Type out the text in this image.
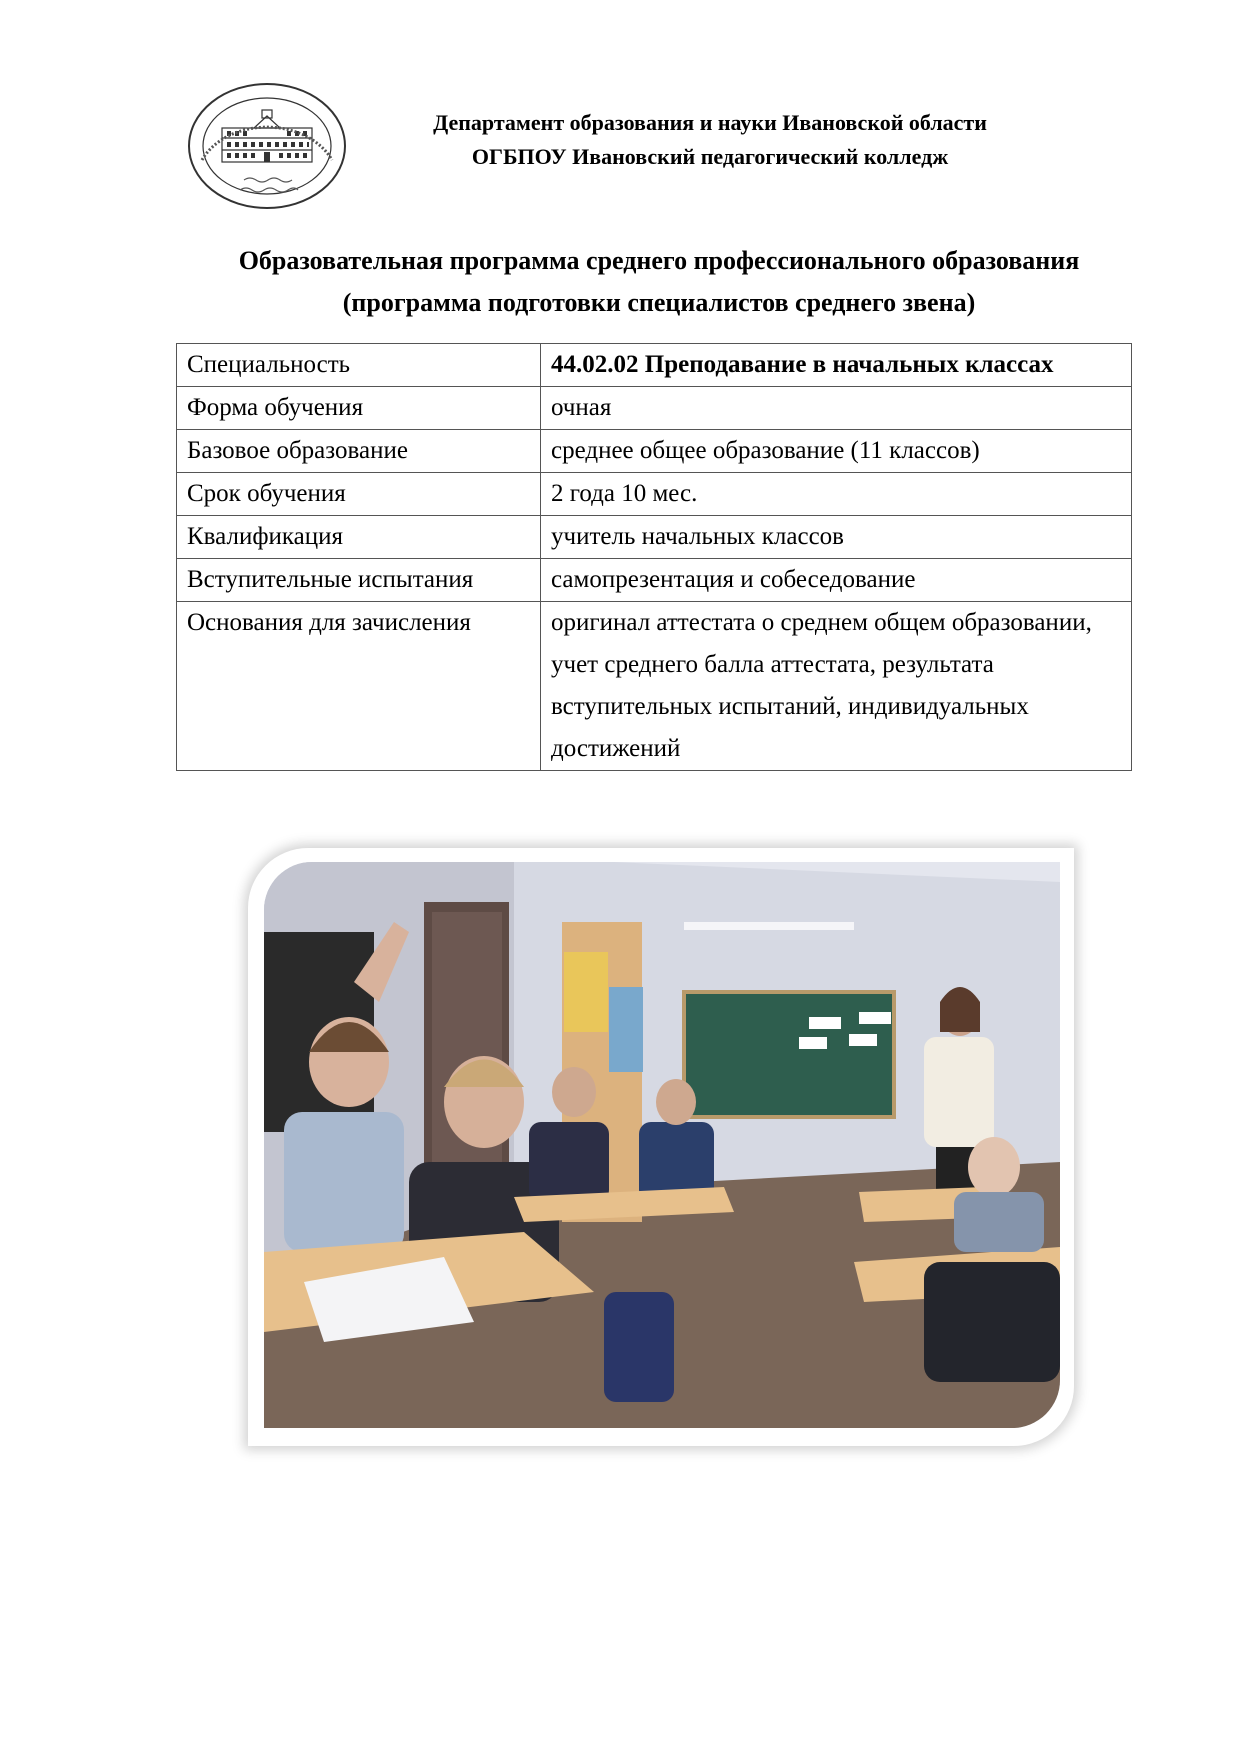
Департамент образования и науки Ивановской области
ОГБПОУ Ивановский педагогический колледж
Образовательная программа среднего профессионального образования
(программа подготовки специалистов среднего звена)
Специальность	44.02.02 Преподавание в начальных классах
Форма обучения	очная
Базовое образование	среднее общее образование (11 классов)
Срок обучения	2 года 10 мес.
Квалификация	учитель начальных классов
Вступительные испытания	самопрезентация и собеседование
Основания для зачисления	оригинал аттестата о среднем общем образовании, учет среднего балла аттестата, результата вступительных испытаний, индивидуальных достижений
